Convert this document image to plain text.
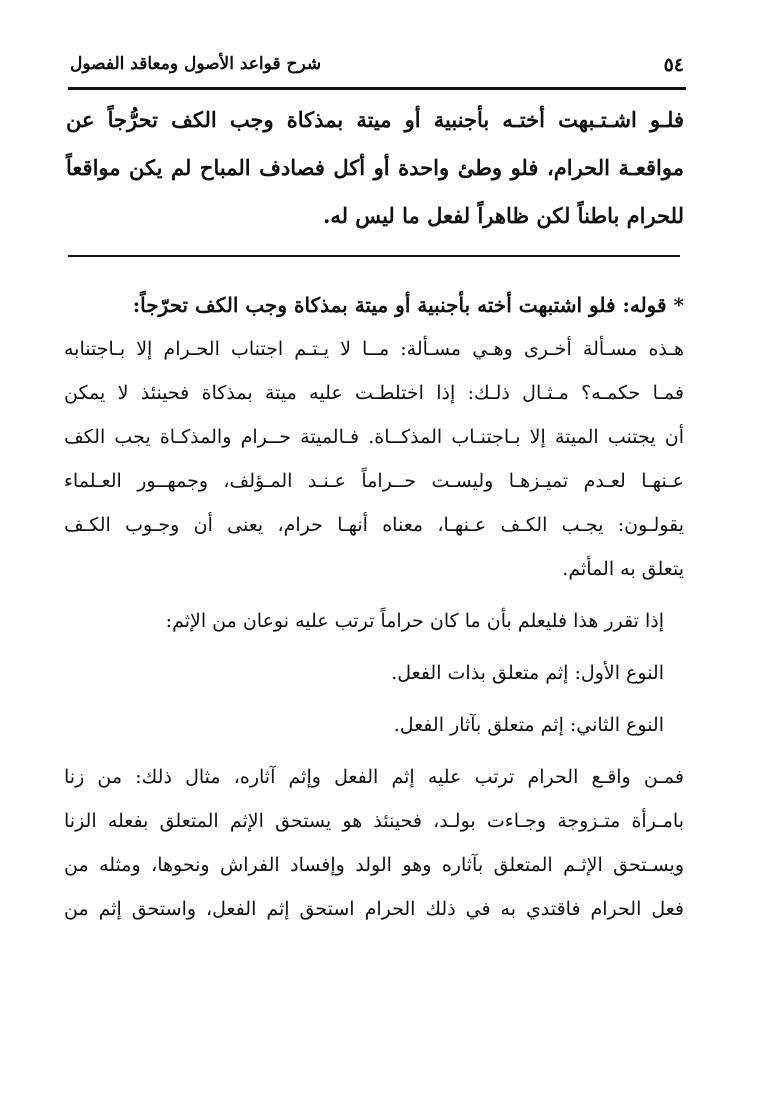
٥٤
شرح قواعد الأصول ومعاقد الفصول
فلـو اشـتـبهت أختـه بأجنبية أو ميتة بمذكاة وجب الكف تحرُّجاً عن
مواقعـة الحرام، فلو وطئ واحدة أو أكل فصادف المباح لم يكن مواقعاً
للحرام باطناً لكن ظاهراً لفعل ما ليس له.
* قوله: فلو اشتبهت أخته بأجنبية أو ميتة بمذكاة وجب الكف تحرّجاً:
هـذه مسـألة أخـرى وهـي مسـألة: مــا لا يـتـم اجتناب الحـرام إلا بـاجتنابه
فمـا حكمـه؟ مـثـال ذلـك: إذا اختلطـت عليه ميتة بمذكاة فحينئذ لا يمكن
أن يجتنب الميتة إلا بـاجتنـاب المذكــاة. فـالميتة حــرام والمذكـاة يجب الكف
عـنهـا لعـدم تميـزهـا وليسـت حــراماً عـنـد المـؤلف، وجمهــور العـلماء
يقولـون: يجـب الكـف عـنهـا، معناه أنهـا حرام، يعنى أن وجـوب الكـف
يتعلق به المأثم.
إذا تقرر هذا فليعلم بأن ما كان حراماً ترتب عليه نوعان من الإثم:
النوع الأول: إثم متعلق بذات الفعل.
النوع الثاني: إثم متعلق بآثار الفعل.
فمـن واقـع الحرام ترتب عليه إثم الفعل وإثم آثاره، مثال ذلك: من زنا
بامـرأة متـزوجة وجـاءت بولـد، فحينئذ هو يستحق الإثم المتعلق بفعله الزنا
ويسـتحق الإثـم المتعلق بآثاره وهو الولد وإفساد الفراش ونحوها، ومثله من
فعل الحرام فاقتدي به في ذلك الحرام استحق إثم الفعل، واستحق إثم من
